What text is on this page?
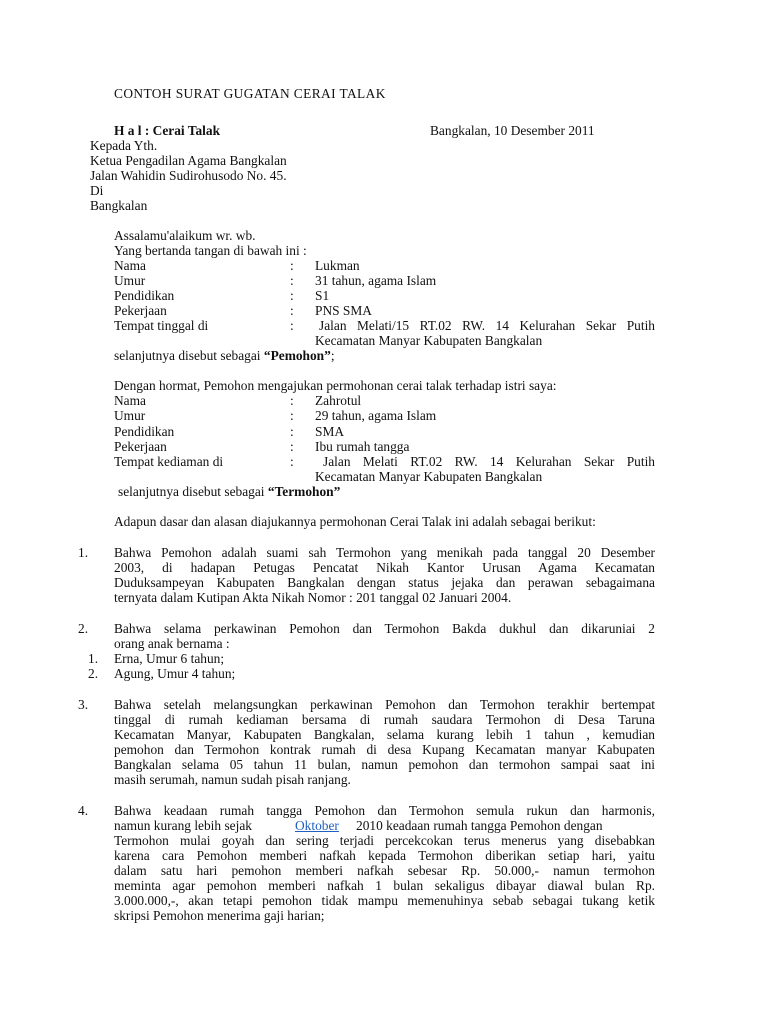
CONTOH SURAT GUGATAN CERAI TALAK
H a l : Cerai Talak	Bangkalan, 10 Desember 2011
Kepada Yth.
Ketua Pengadilan Agama Bangkalan
Jalan Wahidin Sudirohusodo No. 45.
Di
Bangkalan
Assalamu'alaikum wr. wb.
Yang bertanda tangan di bawah ini :
Nama	: Lukman
Umur	: 31 tahun, agama Islam
Pendidikan	: S1
Pekerjaan	: PNS SMA
Tempat tinggal di	: Jalan Melati/15 RT.02 RW. 14 Kelurahan Sekar Putih
Kecamatan Manyar Kabupaten Bangkalan
selanjutnya disebut sebagai “Pemohon”;
Dengan hormat, Pemohon mengajukan permohonan cerai talak terhadap istri saya:
Nama	: Zahrotul
Umur	: 29 tahun, agama Islam
Pendidikan	: SMA
Pekerjaan	: Ibu rumah tangga
Tempat kediaman di	: Jalan Melati RT.02 RW. 14 Kelurahan Sekar Putih
Kecamatan Manyar Kabupaten Bangkalan
selanjutnya disebut sebagai “Termohon”
Adapun dasar dan alasan diajukannya permohonan Cerai Talak ini adalah sebagai berikut:
1. Bahwa Pemohon adalah suami sah Termohon yang menikah pada tanggal 20 Desember
2003, di hadapan Petugas Pencatat Nikah Kantor Urusan Agama Kecamatan
Duduksampeyan Kabupaten Bangkalan dengan status jejaka dan perawan sebagaimana
ternyata dalam Kutipan Akta Nikah Nomor : 201 tanggal 02 Januari 2004.
2. Bahwa selama perkawinan Pemohon dan Termohon Bakda dukhul dan dikaruniai 2
orang anak bernama :
1. Erna, Umur 6 tahun;
2. Agung, Umur 4 tahun;
3. Bahwa setelah melangsungkan perkawinan Pemohon dan Termohon terakhir bertempat
tinggal di rumah kediaman bersama di rumah saudara Termohon di Desa Taruna
Kecamatan Manyar, Kabupaten Bangkalan, selama kurang lebih 1 tahun , kemudian
pemohon dan Termohon kontrak rumah di desa Kupang Kecamatan manyar Kabupaten
Bangkalan selama 05 tahun 11 bulan, namun pemohon dan termohon sampai saat ini
masih serumah, namun sudah pisah ranjang.
4. Bahwa keadaan rumah tangga Pemohon dan Termohon semula rukun dan harmonis,
namun kurang lebih sejak	Oktober 2010 keadaan rumah tangga Pemohon dengan
Termohon mulai goyah dan sering terjadi percekcokan terus menerus yang disebabkan
karena cara Pemohon memberi nafkah kepada Termohon diberikan setiap hari, yaitu
dalam satu hari pemohon memberi nafkah sebesar Rp. 50.000,- namun termohon
meminta agar pemohon memberi nafkah 1 bulan sekaligus dibayar diawal bulan Rp.
3.000.000,-, akan tetapi pemohon tidak mampu memenuhinya sebab sebagai tukang ketik
skripsi Pemohon menerima gaji harian;
